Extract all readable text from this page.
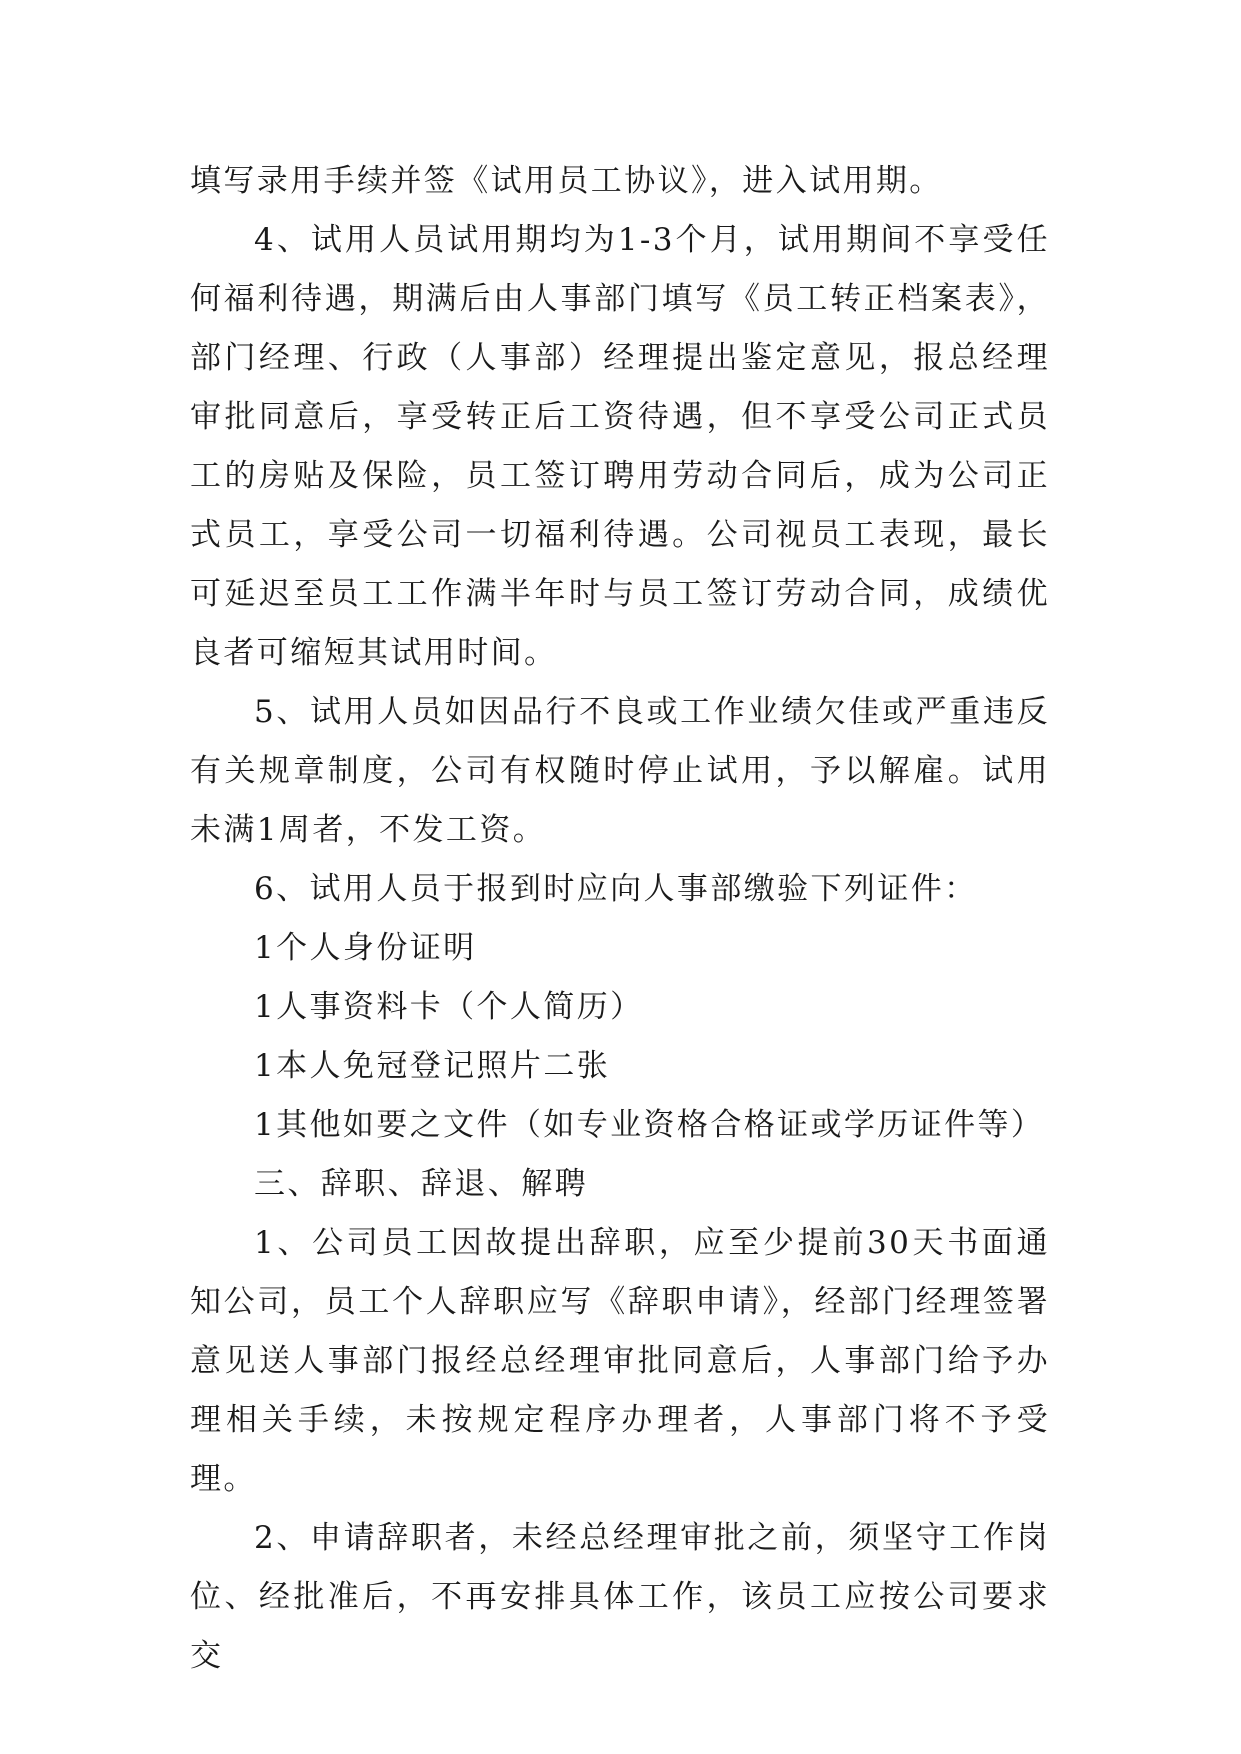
填写录用手续并签《试用员工协议》，进入试用期。

4、试用人员试用期均为1-3个月，试用期间不享受任何福利待遇，期满后由人事部门填写《员工转正档案表》，部门经理、行政（人事部）经理提出鉴定意见，报总经理审批同意后，享受转正后工资待遇，但不享受公司正式员工的房贴及保险，员工签订聘用劳动合同后，成为公司正式员工，享受公司一切福利待遇。公司视员工表现，最长可延迟至员工工作满半年时与员工签订劳动合同，成绩优良者可缩短其试用时间。

5、试用人员如因品行不良或工作业绩欠佳或严重违反有关规章制度，公司有权随时停止试用，予以解雇。试用未满1周者，不发工资。

6、试用人员于报到时应向人事部缴验下列证件：

1个人身份证明

1人事资料卡（个人简历）

1本人免冠登记照片二张

1其他如要之文件（如专业资格合格证或学历证件等）

三、辞职、辞退、解聘

1、公司员工因故提出辞职，应至少提前30天书面通知公司，员工个人辞职应写《辞职申请》，经部门经理签署意见送人事部门报经总经理审批同意后，人事部门给予办理相关手续，未按规定程序办理者，人事部门将不予受理。

2、申请辞职者，未经总经理审批之前，须坚守工作岗位、经批准后，不再安排具体工作，该员工应按公司要求交
